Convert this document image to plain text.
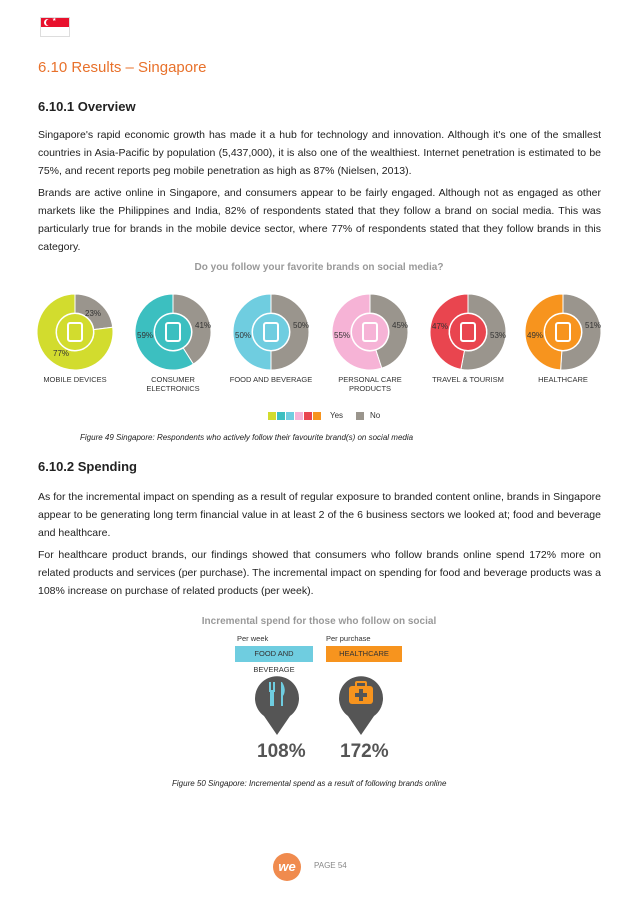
★
6.10 Results – Singapore
6.10.1 Overview
Singapore's rapid economic growth has made it a hub for technology and innovation. Although it's one of the smallest countries in Asia-Pacific by population (5,437,000), it is also one of the wealthiest. Internet penetration is estimated to be 75%, and recent reports peg mobile penetration as high as 87% (Nielsen, 2013).
Brands are active online in Singapore, and consumers appear to be fairly engaged. Although not as engaged as other markets like the Philippines and India, 82% of respondents stated that they follow a brand on social media. This was particularly true for brands in the mobile device sector, where 77% of respondents stated that they follow brands in this category.
Do you follow your favorite brands on social media?
77%
23%
MOBILE DEVICES
59%
41%
CONSUMER ELECTRONICS
50%
50%
FOOD AND BEVERAGE
55%
45%
PERSONAL CARE PRODUCTS
47%
53%
TRAVEL & TOURISM
49%
51%
HEALTHCARE
Yes	No
Figure 49 Singapore: Respondents who actively follow their favourite brand(s) on social media
6.10.2 Spending
As for the incremental impact on spending as a result of regular exposure to branded content online, brands in Singapore appear to be generating long term financial value in at least 2 of the 6 business sectors we looked at; food and beverage and healthcare.
For healthcare product brands, our findings showed that consumers who follow brands online spend 172% more on related products and services (per purchase). The incremental impact on spending for food and beverage products was a 108% increase on purchase of related products (per week).
Incremental spend for those who follow on social
Per week	Per purchase
FOOD AND BEVERAGE
HEALTHCARE
108% 172%
Figure 50 Singapore: Incremental spend as a result of following brands online
we	PAGE 54
